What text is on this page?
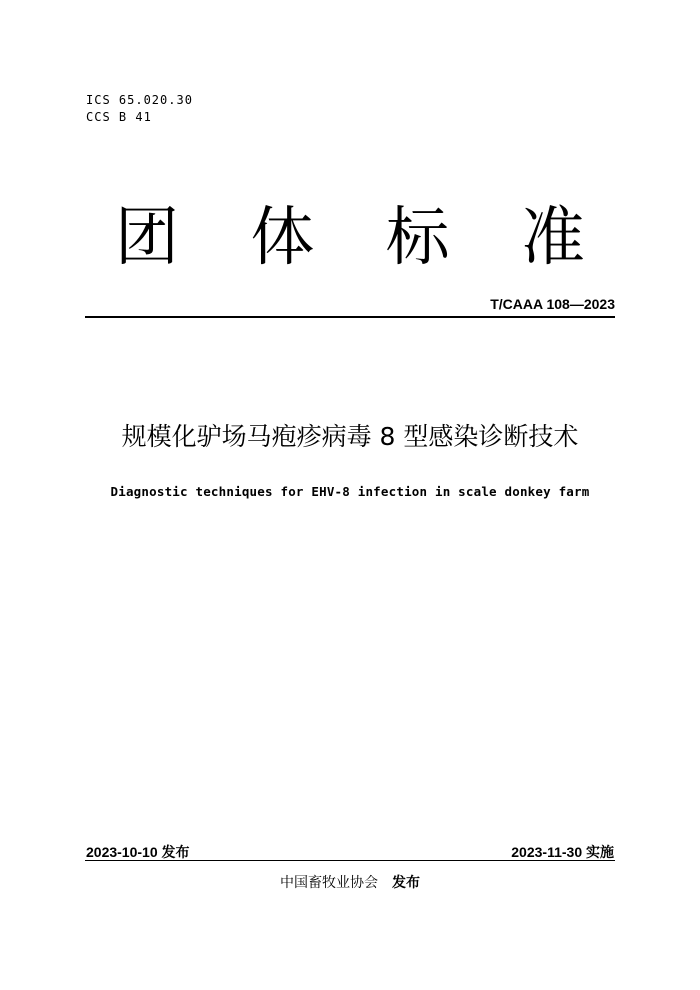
ICS 65.020.30
CCS B 41
团 体 标 准
T/CAAA 108—2023
规模化驴场马疱疹病毒 8 型感染诊断技术
Diagnostic techniques for EHV-8 infection in scale donkey farm
2023-10-10 发布	2023-11-30 实施
中国畜牧业协会 发布
